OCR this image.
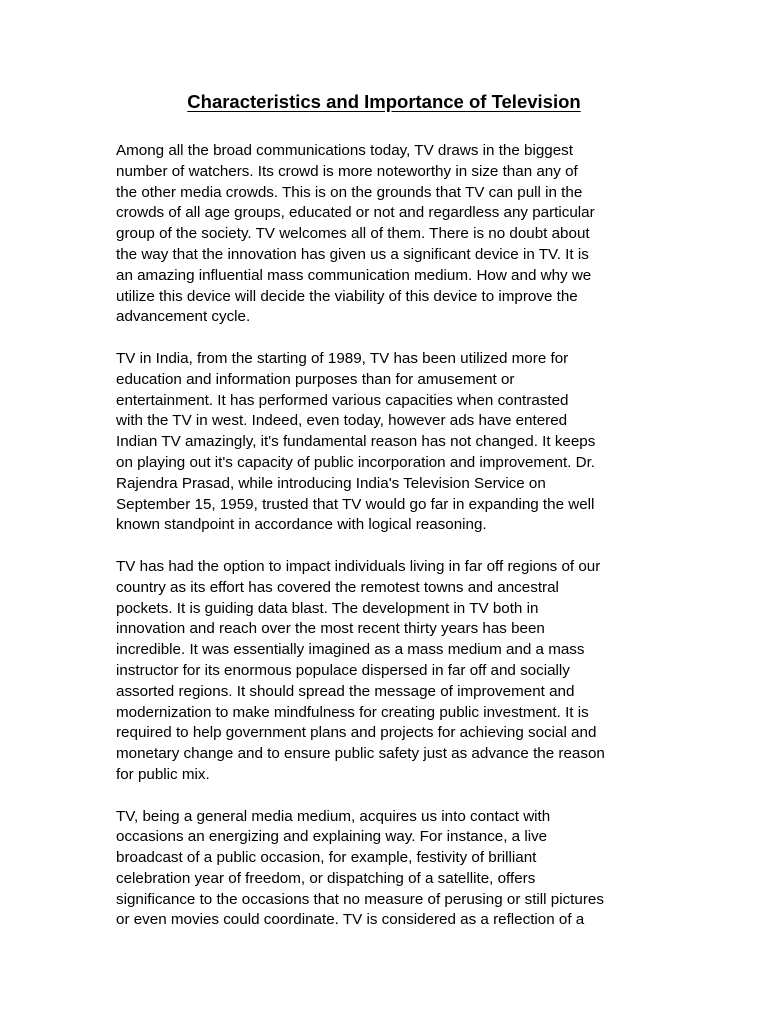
Characteristics and Importance of Television
Among all the broad communications today, TV draws in the biggest
number of watchers. Its crowd is more noteworthy in size than any of
the other media crowds. This is on the grounds that TV can pull in the
crowds of all age groups, educated or not and regardless any particular
group of the society. TV welcomes all of them. There is no doubt about
the way that the innovation has given us a significant device in TV. It is
an amazing influential mass communication medium. How and why we
utilize this device will decide the viability of this device to improve the
advancement cycle.
TV in India, from the starting of 1989, TV has been utilized more for
education and information purposes than for amusement or
entertainment. It has performed various capacities when contrasted
with the TV in west. Indeed, even today, however ads have entered
Indian TV amazingly, it's fundamental reason has not changed. It keeps
on playing out it's capacity of public incorporation and improvement. Dr.
Rajendra Prasad, while introducing India's Television Service on
September 15, 1959, trusted that TV would go far in expanding the well
known standpoint in accordance with logical reasoning.
TV has had the option to impact individuals living in far off regions of our
country as its effort has covered the remotest towns and ancestral
pockets. It is guiding data blast. The development in TV both in
innovation and reach over the most recent thirty years has been
incredible. It was essentially imagined as a mass medium and a mass
instructor for its enormous populace dispersed in far off and socially
assorted regions. It should spread the message of improvement and
modernization to make mindfulness for creating public investment. It is
required to help government plans and projects for achieving social and
monetary change and to ensure public safety just as advance the reason
for public mix.
TV, being a general media medium, acquires us into contact with
occasions an energizing and explaining way. For instance, a live
broadcast of a public occasion, for example, festivity of brilliant
celebration year of freedom, or dispatching of a satellite, offers
significance to the occasions that no measure of perusing or still pictures
or even movies could coordinate. TV is considered as a reflection of a
